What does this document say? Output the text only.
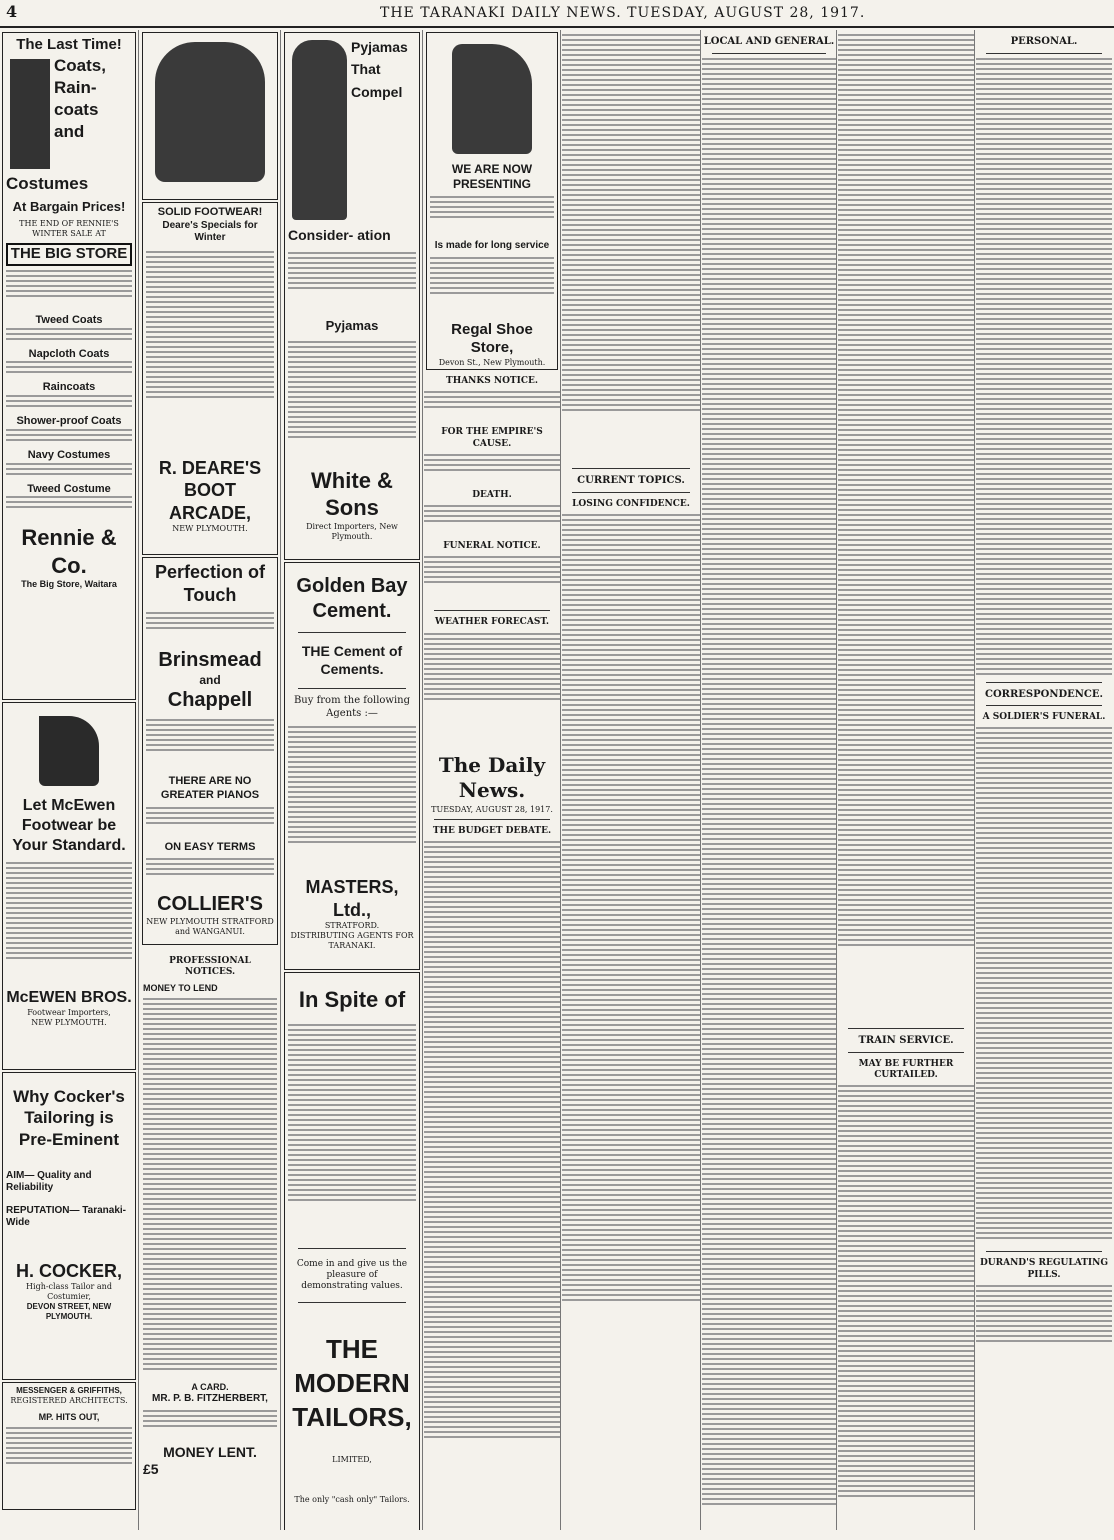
4	THE TARANAKI DAILY NEWS. TUESDAY, AUGUST 28, 1917.
The Last Time!
Coats,
Rain-
coats
and
Costumes
At Bargain Prices!
THE END OF RENNIE'S WINTER SALE AT
THE BIG STORE
Tweed Coats
Napcloth Coats
Raincoats
Shower-proof Coats
Navy Costumes
Tweed Costume
Rennie & Co.
The Big Store, Waitara
Let McEwen Footwear be Your Standard.
McEWEN BROS.
Footwear Importers,
NEW PLYMOUTH.
Why Cocker's Tailoring is Pre-Eminent
AIM— Quality and Reliability
REPUTATION— Taranaki-Wide
H. COCKER,
High-class Tailor and Costumier,
DEVON STREET, NEW PLYMOUTH.
MESSENGER & GRIFFITHS,
REGISTERED ARCHITECTS.
MP. HITS OUT,
SOLID FOOTWEAR!
Deare's Specials for Winter
R. DEARE'S BOOT ARCADE,
NEW PLYMOUTH.
Perfection of Touch
Brinsmead
and
Chappell
THERE ARE NO GREATER PIANOS
ON EASY TERMS
COLLIER'S
NEW PLYMOUTH STRATFORD and WANGANUI.
PROFESSIONAL NOTICES.
MONEY TO LEND
A CARD.
MR. P. B. FITZHERBERT,
MONEY LENT.
£5
Pyjamas That Compel Consider- ation
Pyjamas
White & Sons
Direct Importers, New Plymouth.
Golden Bay Cement.
THE Cement of Cements.
Buy from the following Agents :—
MASTERS, Ltd.,
STRATFORD.
DISTRIBUTING AGENTS FOR TARANAKI.
In Spite of
Come in and give us the pleasure of demonstrating values.
THE MODERN TAILORS,
LIMITED,
The only "cash only" Tailors.
WE ARE NOW PRESENTING
Is made for long service
Regal Shoe Store,
Devon St., New Plymouth.
THANKS NOTICE.
FOR THE EMPIRE'S CAUSE.
DEATH.
FUNERAL NOTICE.
WEATHER FORECAST.
The Daily News.
TUESDAY, AUGUST 28, 1917.
THE BUDGET DEBATE.
CURRENT TOPICS.
LOSING CONFIDENCE.
LOCAL AND GENERAL.
TRAIN SERVICE.
MAY BE FURTHER CURTAILED.
PERSONAL.
CORRESPONDENCE.
A SOLDIER'S FUNERAL.
DURAND'S REGULATING PILLS.
